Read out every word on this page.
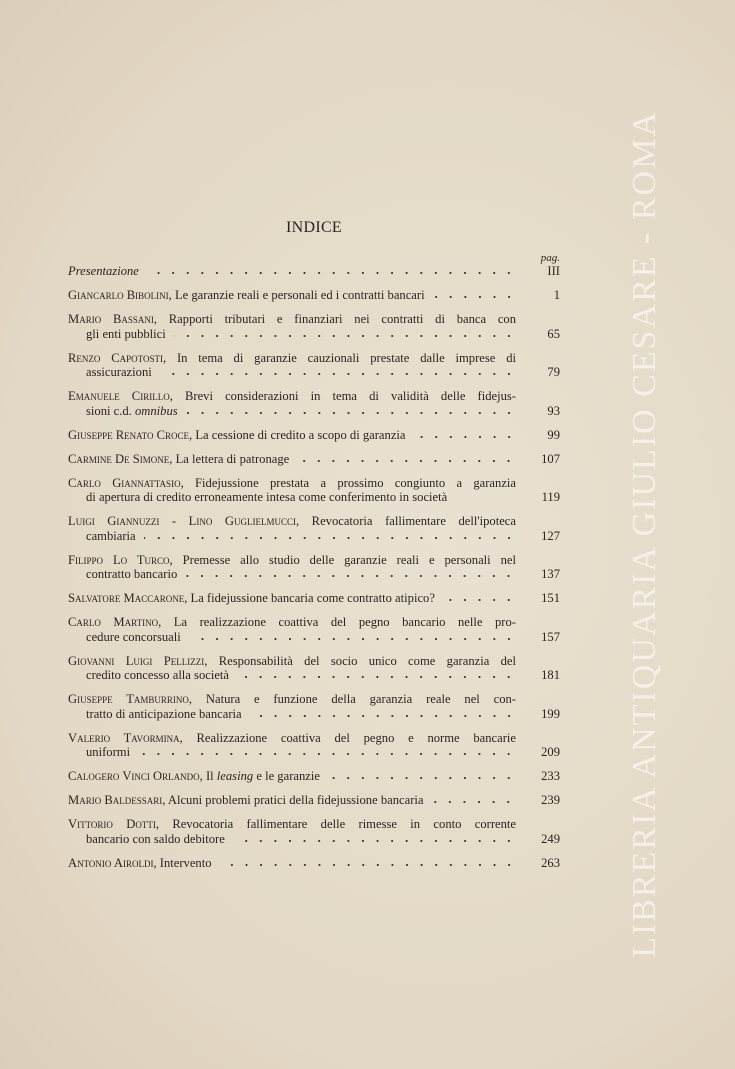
LIBRERIA ANTIQUARIA GIULIO CESARE - ROMA
INDICE
pag.
Presentazione	III
Giancarlo Bibolini, Le garanzie reali e personali ed i contratti bancari	1
Mario Bassani, Rapporti tributari e finanziari nei contratti di banca con
gli enti pubblici	65
Renzo Capotosti, In tema di garanzie cauzionali prestate dalle imprese di
assicurazioni	79
Emanuele Cirillo, Brevi considerazioni in tema di validità delle fidejus-
sioni c.d. omnibus	93
Giuseppe Renato Croce, La cessione di credito a scopo di garanzia	99
Carmine De Simone, La lettera di patronage	107
Carlo Giannattasio, Fidejussione prestata a prossimo congiunto a garanzia
di apertura di credito erroneamente intesa come conferimento in società	119
Luigi Giannuzzi - Lino Guglielmucci, Revocatoria fallimentare dell'ipoteca
cambiaria	127
Filippo Lo Turco, Premesse allo studio delle garanzie reali e personali nel
contratto bancario	137
Salvatore Maccarone, La fidejussione bancaria come contratto atipico?	151
Carlo Martino, La realizzazione coattiva del pegno bancario nelle pro-
cedure concorsuali	157
Giovanni Luigi Pellizzi, Responsabilità del socio unico come garanzia del
credito concesso alla società	181
Giuseppe Tamburrino, Natura e funzione della garanzia reale nel con-
tratto di anticipazione bancaria	199
Valerio Tavormina, Realizzazione coattiva del pegno e norme bancarie
uniformi	209
Calogero Vinci Orlando, Il leasing e le garanzie	233
Mario Baldessari, Alcuni problemi pratici della fidejussione bancaria	239
Vittorio Dotti, Revocatoria fallimentare delle rimesse in conto corrente
bancario con saldo debitore	249
Antonio Airoldi, Intervento	263
